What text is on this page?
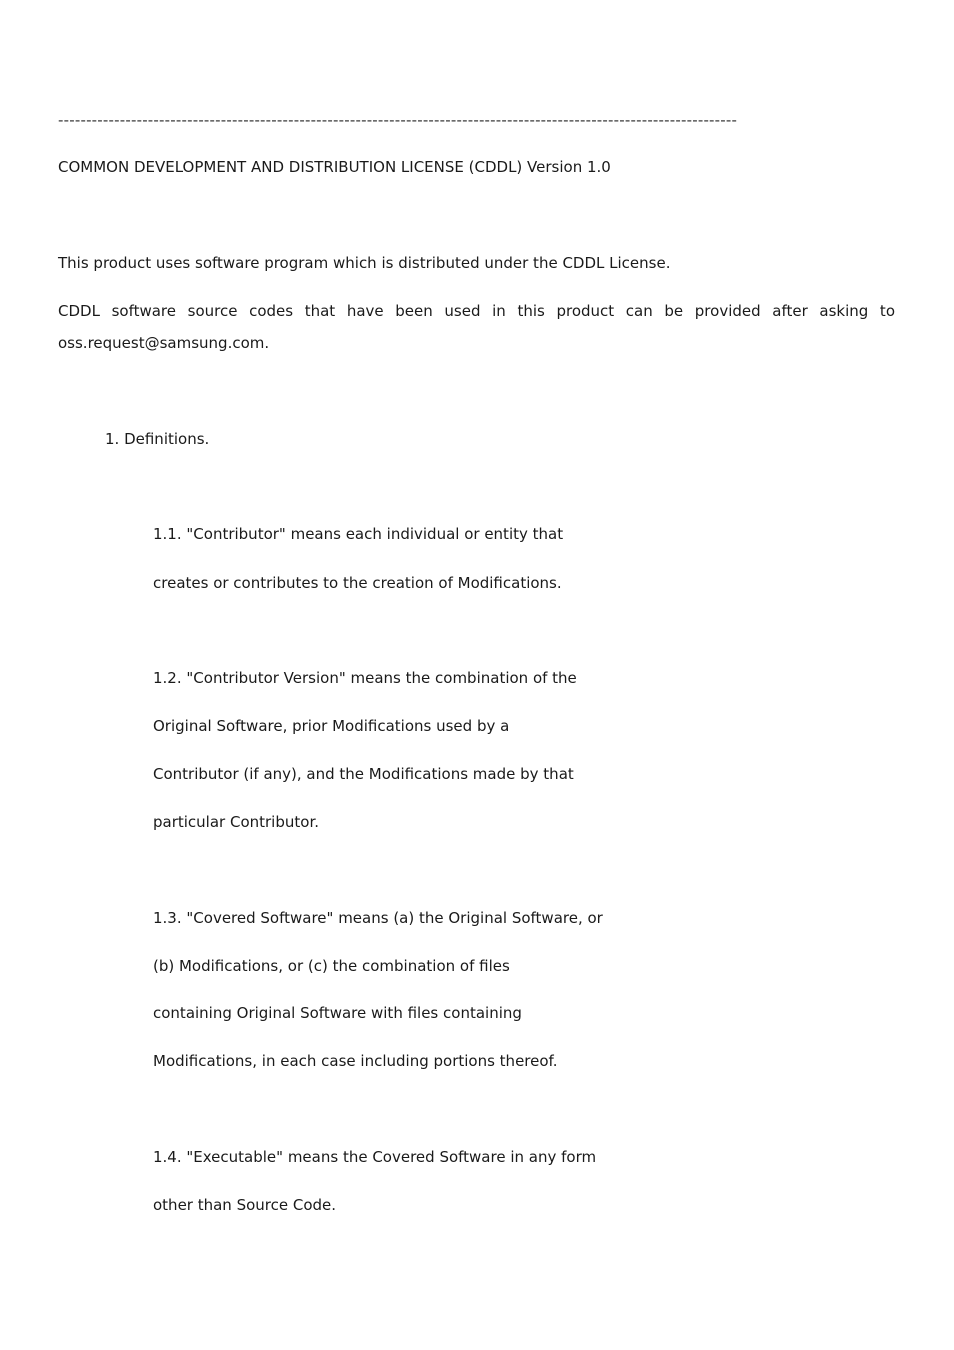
-------------------------------------------------------------------------------------------------------------------------
COMMON DEVELOPMENT AND DISTRIBUTION LICENSE (CDDL) Version 1.0
This product uses software program which is distributed under the CDDL License.
CDDL software source codes that have been used in this product can be provided after asking to oss.request@samsung.com.
1. Definitions.
1.1. "Contributor" means each individual or entity that
creates or contributes to the creation of Modifications.
1.2. "Contributor Version" means the combination of the
Original Software, prior Modifications used by a
Contributor (if any), and the Modifications made by that
particular Contributor.
1.3. "Covered Software" means (a) the Original Software, or
(b) Modifications, or (c) the combination of files
containing Original Software with files containing
Modifications, in each case including portions thereof.
1.4. "Executable" means the Covered Software in any form
other than Source Code.
